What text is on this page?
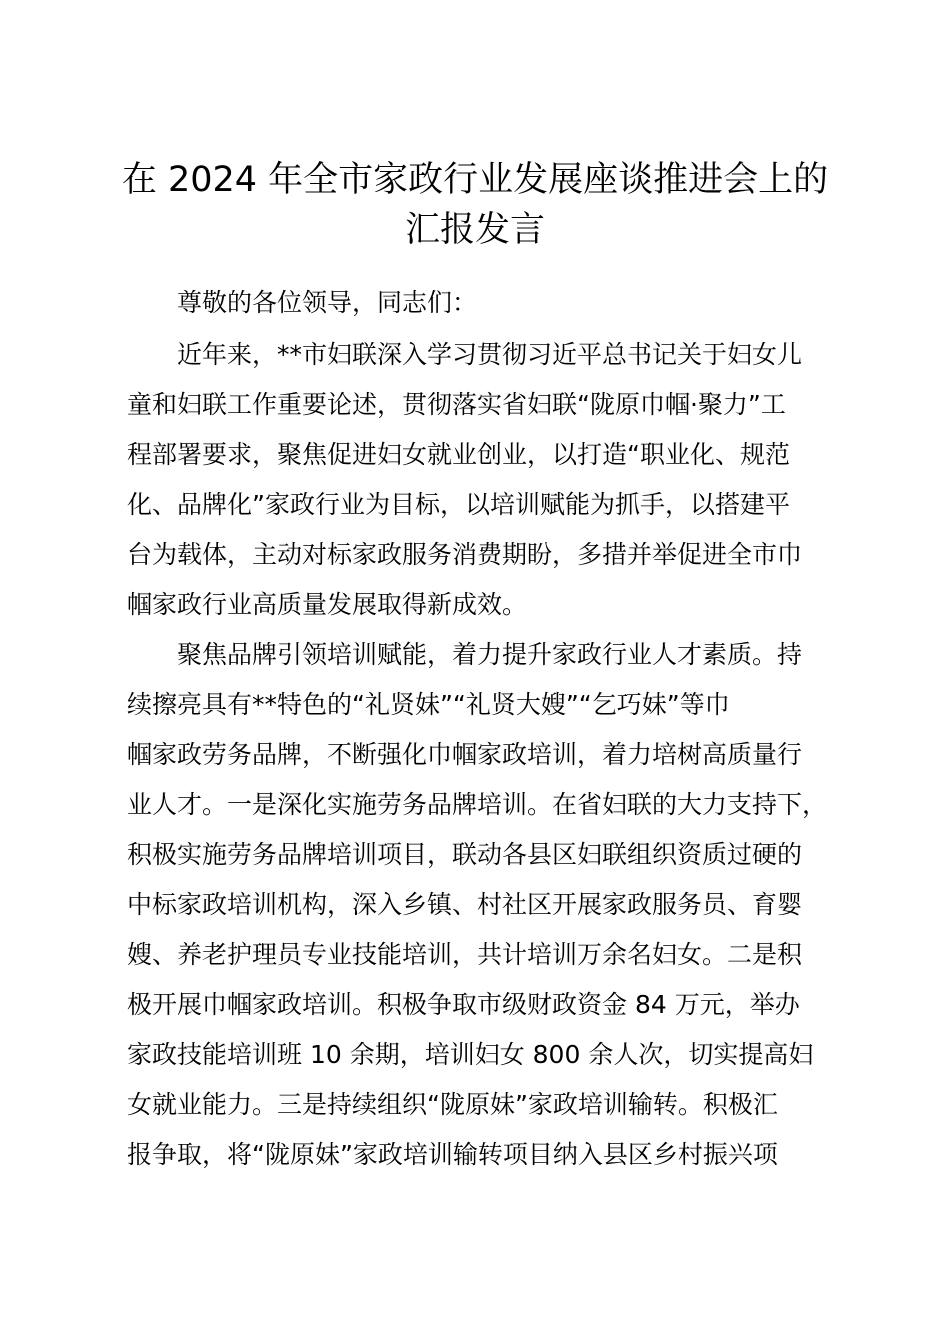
在 2024 年全市家政行业发展座谈推进会上的
汇报发言

尊敬的各位领导，同志们：

近年来，**市妇联深入学习贯彻习近平总书记关于妇女儿

童和妇联工作重要论述，贯彻落实省妇联“陇原巾帼·聚力”工

程部署要求，聚焦促进妇女就业创业，以打造“职业化、规范

化、品牌化”家政行业为目标，以培训赋能为抓手，以搭建平

台为载体，主动对标家政服务消费期盼，多措并举促进全市巾

帼家政行业高质量发展取得新成效。

聚焦品牌引领培训赋能，着力提升家政行业人才素质。持

续擦亮具有**特色的“礼贤妹”“礼贤大嫂”“乞巧妹”等巾

帼家政劳务品牌，不断强化巾帼家政培训，着力培树高质量行

业人才。一是深化实施劳务品牌培训。在省妇联的大力支持下，

积极实施劳务品牌培训项目，联动各县区妇联组织资质过硬的

中标家政培训机构，深入乡镇、村社区开展家政服务员、育婴

嫂、养老护理员专业技能培训，共计培训万余名妇女。二是积

极开展巾帼家政培训。积极争取市级财政资金 84 万元，举办

家政技能培训班 10 余期，培训妇女 800 余人次，切实提高妇

女就业能力。三是持续组织“陇原妹”家政培训输转。积极汇

报争取，将“陇原妹”家政培训输转项目纳入县区乡村振兴项
